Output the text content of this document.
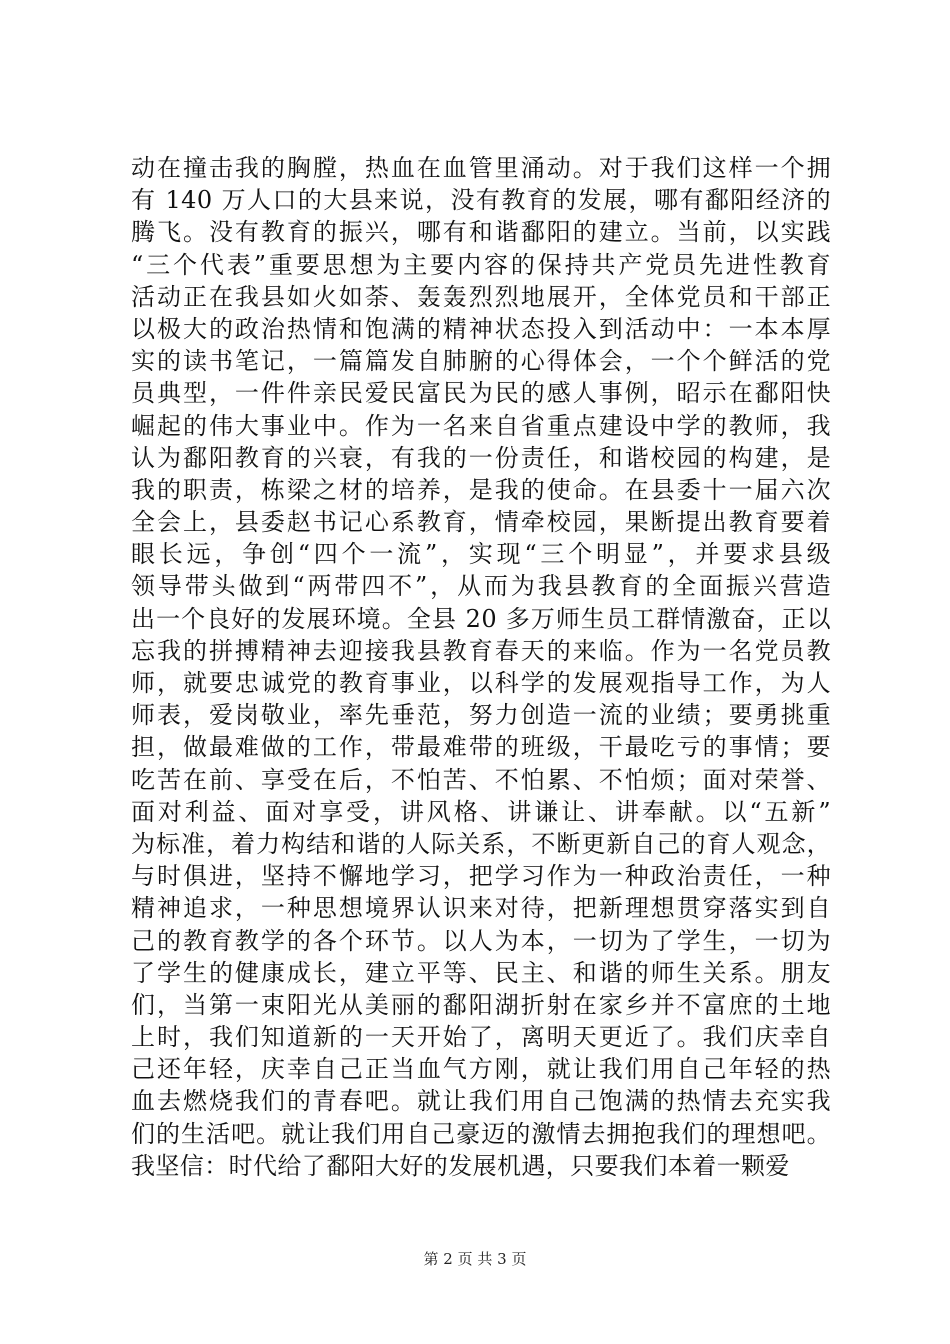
动在撞击我的胸膛，热血在血管里涌动。对于我们这样一个拥
有 140 万人口的大县来说，没有教育的发展，哪有鄱阳经济的
腾飞。没有教育的振兴，哪有和谐鄱阳的建立。当前，以实践
“三个代表”重要思想为主要内容的保持共产党员先进性教育
活动正在我县如火如荼、轰轰烈烈地展开，全体党员和干部正
以极大的政治热情和饱满的精神状态投入到活动中：一本本厚
实的读书笔记，一篇篇发自肺腑的心得体会，一个个鲜活的党
员典型，一件件亲民爱民富民为民的感人事例，昭示在鄱阳快
崛起的伟大事业中。作为一名来自省重点建设中学的教师，我
认为鄱阳教育的兴衰，有我的一份责任，和谐校园的构建，是
我的职责，栋梁之材的培养，是我的使命。在县委十一届六次
全会上，县委赵书记心系教育，情牵校园，果断提出教育要着
眼长远，争创“四个一流”，实现“三个明显”，并要求县级
领导带头做到“两带四不”，从而为我县教育的全面振兴营造
出一个良好的发展环境。全县 20 多万师生员工群情激奋，正以
忘我的拼搏精神去迎接我县教育春天的来临。作为一名党员教
师，就要忠诚党的教育事业，以科学的发展观指导工作，为人
师表，爱岗敬业，率先垂范，努力创造一流的业绩；要勇挑重
担，做最难做的工作，带最难带的班级，干最吃亏的事情；要
吃苦在前、享受在后，不怕苦、不怕累、不怕烦；面对荣誉、
面对利益、面对享受，讲风格、讲谦让、讲奉献。以“五新”
为标准，着力构结和谐的人际关系，不断更新自己的育人观念，
与时俱进，坚持不懈地学习，把学习作为一种政治责任，一种
精神追求，一种思想境界认识来对待，把新理想贯穿落实到自
己的教育教学的各个环节。以人为本，一切为了学生，一切为
了学生的健康成长，建立平等、民主、和谐的师生关系。朋友
们，当第一束阳光从美丽的鄱阳湖折射在家乡并不富庶的土地
上时，我们知道新的一天开始了，离明天更近了。我们庆幸自
己还年轻，庆幸自己正当血气方刚，就让我们用自己年轻的热
血去燃烧我们的青春吧。就让我们用自己饱满的热情去充实我
们的生活吧。就让我们用自己豪迈的激情去拥抱我们的理想吧。
我坚信：时代给了鄱阳大好的发展机遇，只要我们本着一颗爱
第 2 页 共 3 页
